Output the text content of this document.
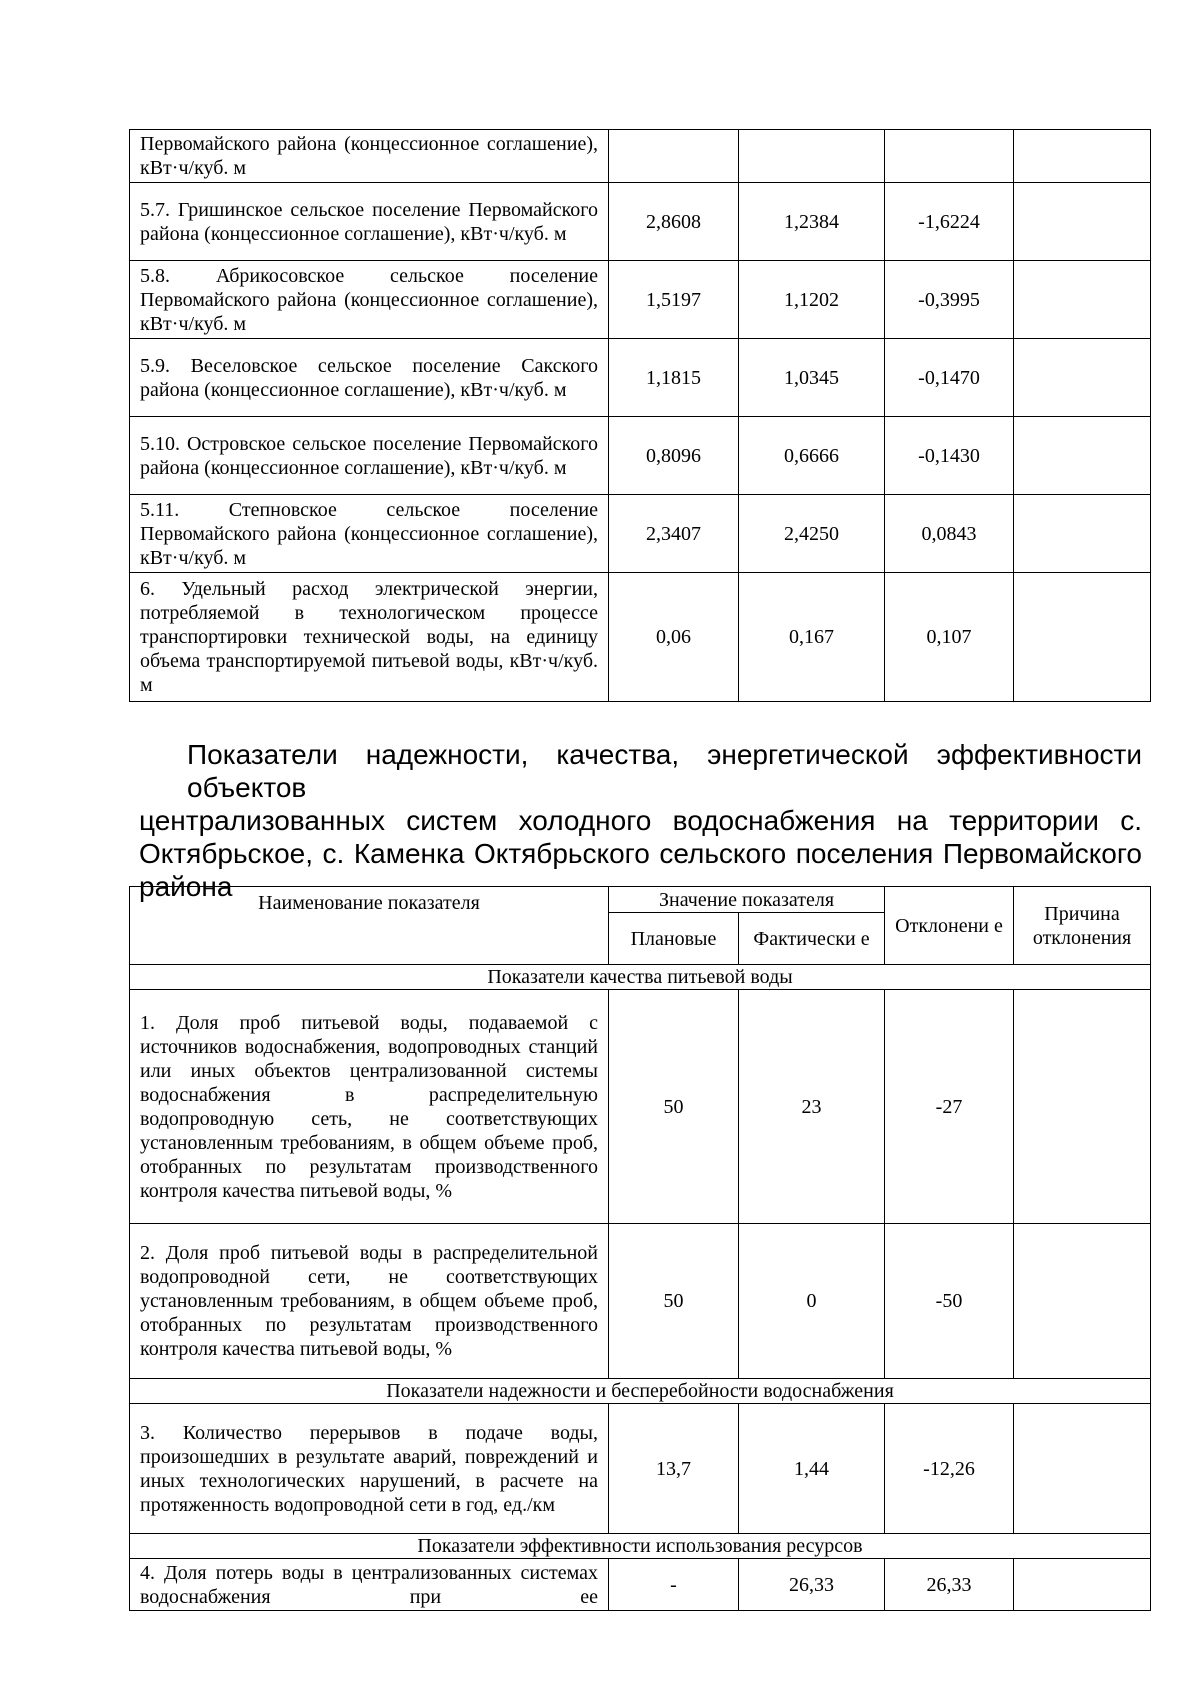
Первомайского района (концессионное соглашение), кВт·ч/куб. м				
5.7. Гришинское сельское поселение Первомайского района (концессионное соглашение), кВт·ч/куб. м	2,8608	1,2384	-1,6224	
5.8. Абрикосовское сельское поселение Первомайского района (концессионное соглашение), кВт·ч/куб. м	1,5197	1,1202	-0,3995	
5.9. Веселовское сельское поселение Сакского района (концессионное соглашение), кВт·ч/куб. м	1,1815	1,0345	-0,1470	
5.10. Островское сельское поселение Первомайского района (концессионное соглашение), кВт·ч/куб. м	0,8096	0,6666	-0,1430	
5.11. Степновское сельское поселение Первомайского района (концессионное соглашение), кВт·ч/куб. м	2,3407	2,4250	0,0843	
6. Удельный расход электрической энергии, потребляемой в технологическом процессе транспортировки технической воды, на единицу объема транспортируемой питьевой воды, кВт·ч/куб. м	0,06	0,167	0,107	
Показатели надежности, качества, энергетической эффективности объектов
централизованных систем холодного водоснабжения на территории с.
Октябрьское, с. Каменка Октябрьского сельского поселения Первомайского
района
Наименование показателя	Значение показателя		Отклонени е	Причина отклонения
	Плановые	Фактически е		
Показатели качества питьевой воды				
1. Доля проб питьевой воды, подаваемой с источников водоснабжения, водопроводных станций или иных объектов централизованной системы водоснабжения в распределительную водопроводную сеть, не соответствующих установленным требованиям, в общем объеме проб, отобранных по результатам производственного контроля качества питьевой воды, %	50	23	-27	
2. Доля проб питьевой воды в распределительной водопроводной сети, не соответствующих установленным требованиям, в общем объеме проб, отобранных по результатам производственного контроля качества питьевой воды, %	50	0	-50	
Показатели надежности и бесперебойности водоснабжения				
3. Количество перерывов в подаче воды, произошедших в результате аварий, повреждений и иных технологических нарушений, в расчете на протяженность водопроводной сети в год, ед./км	13,7	1,44	-12,26	
Показатели эффективности использования ресурсов				
4. Доля потерь воды в централизованных системах водоснабжения при ее	-	26,33	26,33	
